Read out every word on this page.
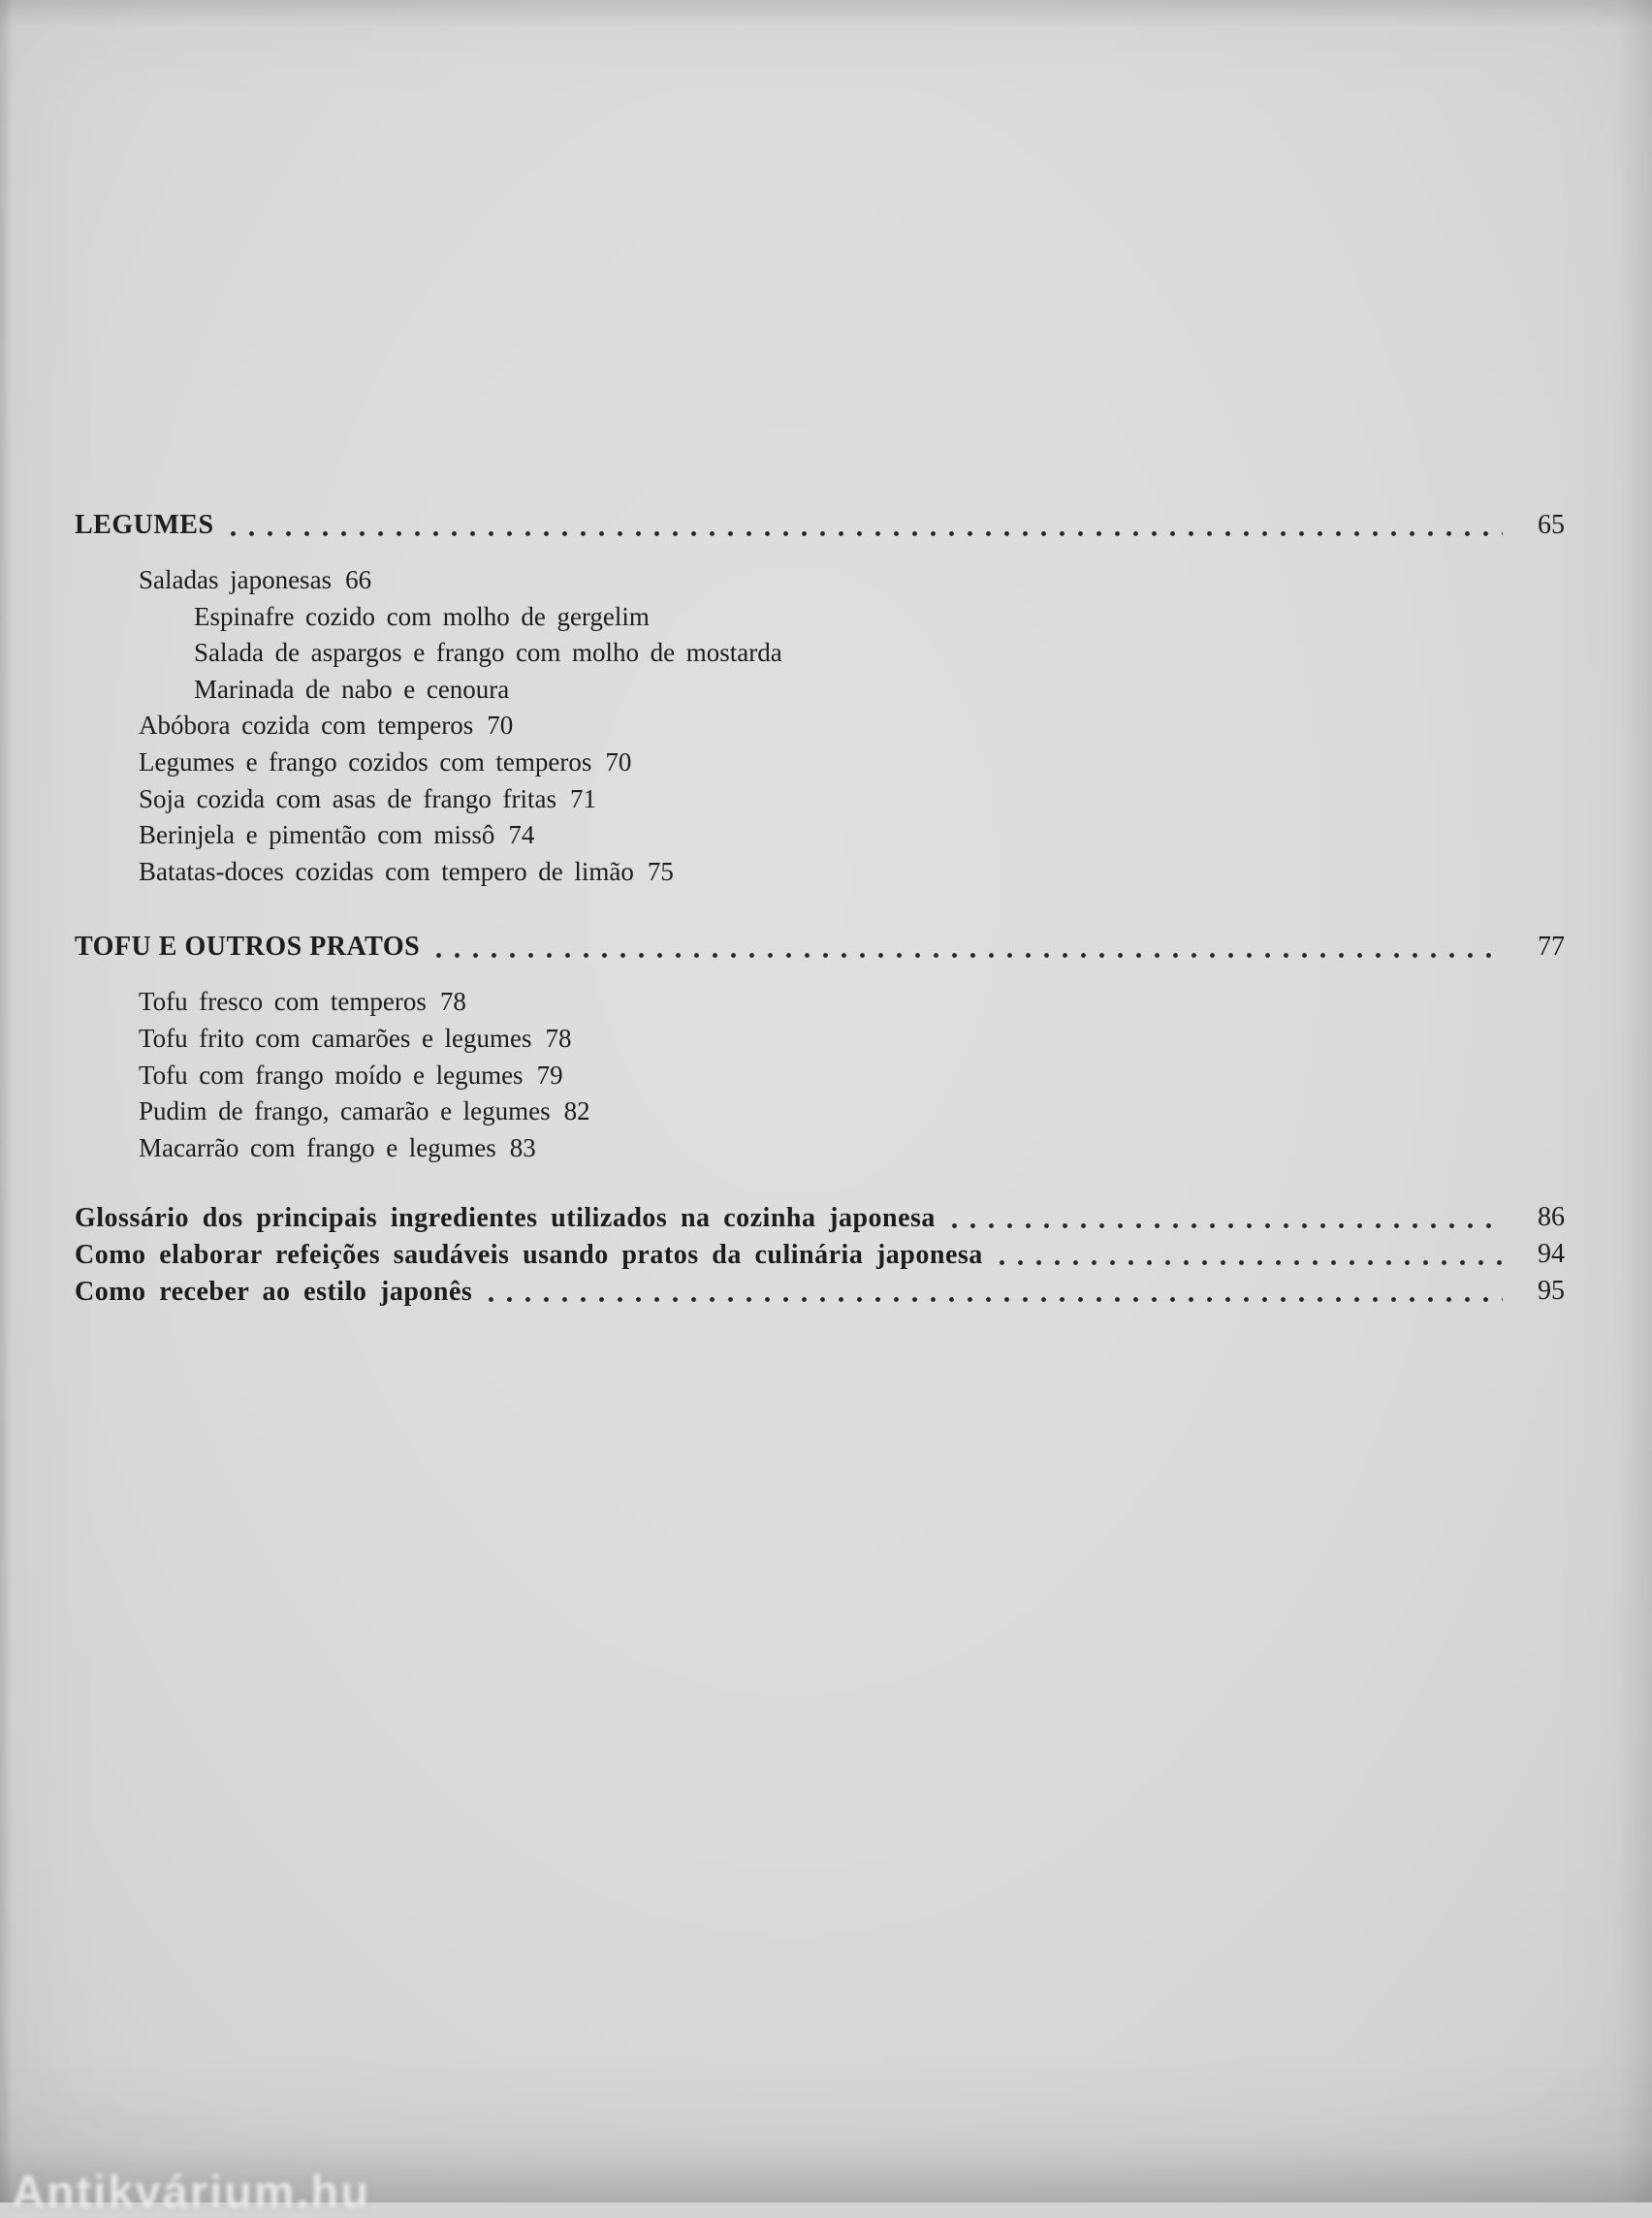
LEGUMES	65
Saladas japonesas 66
Espinafre cozido com molho de gergelim
Salada de aspargos e frango com molho de mostarda
Marinada de nabo e cenoura
Abóbora cozida com temperos 70
Legumes e frango cozidos com temperos 70
Soja cozida com asas de frango fritas 71
Berinjela e pimentão com missô 74
Batatas-doces cozidas com tempero de limão 75
TOFU E OUTROS PRATOS	77
Tofu fresco com temperos 78
Tofu frito com camarões e legumes 78
Tofu com frango moído e legumes 79
Pudim de frango, camarão e legumes 82
Macarrão com frango e legumes 83
Glossário dos principais ingredientes utilizados na cozinha japonesa	86
Como elaborar refeições saudáveis usando pratos da culinária japonesa	94
Como receber ao estilo japonês	95
Antikvárium.hu
